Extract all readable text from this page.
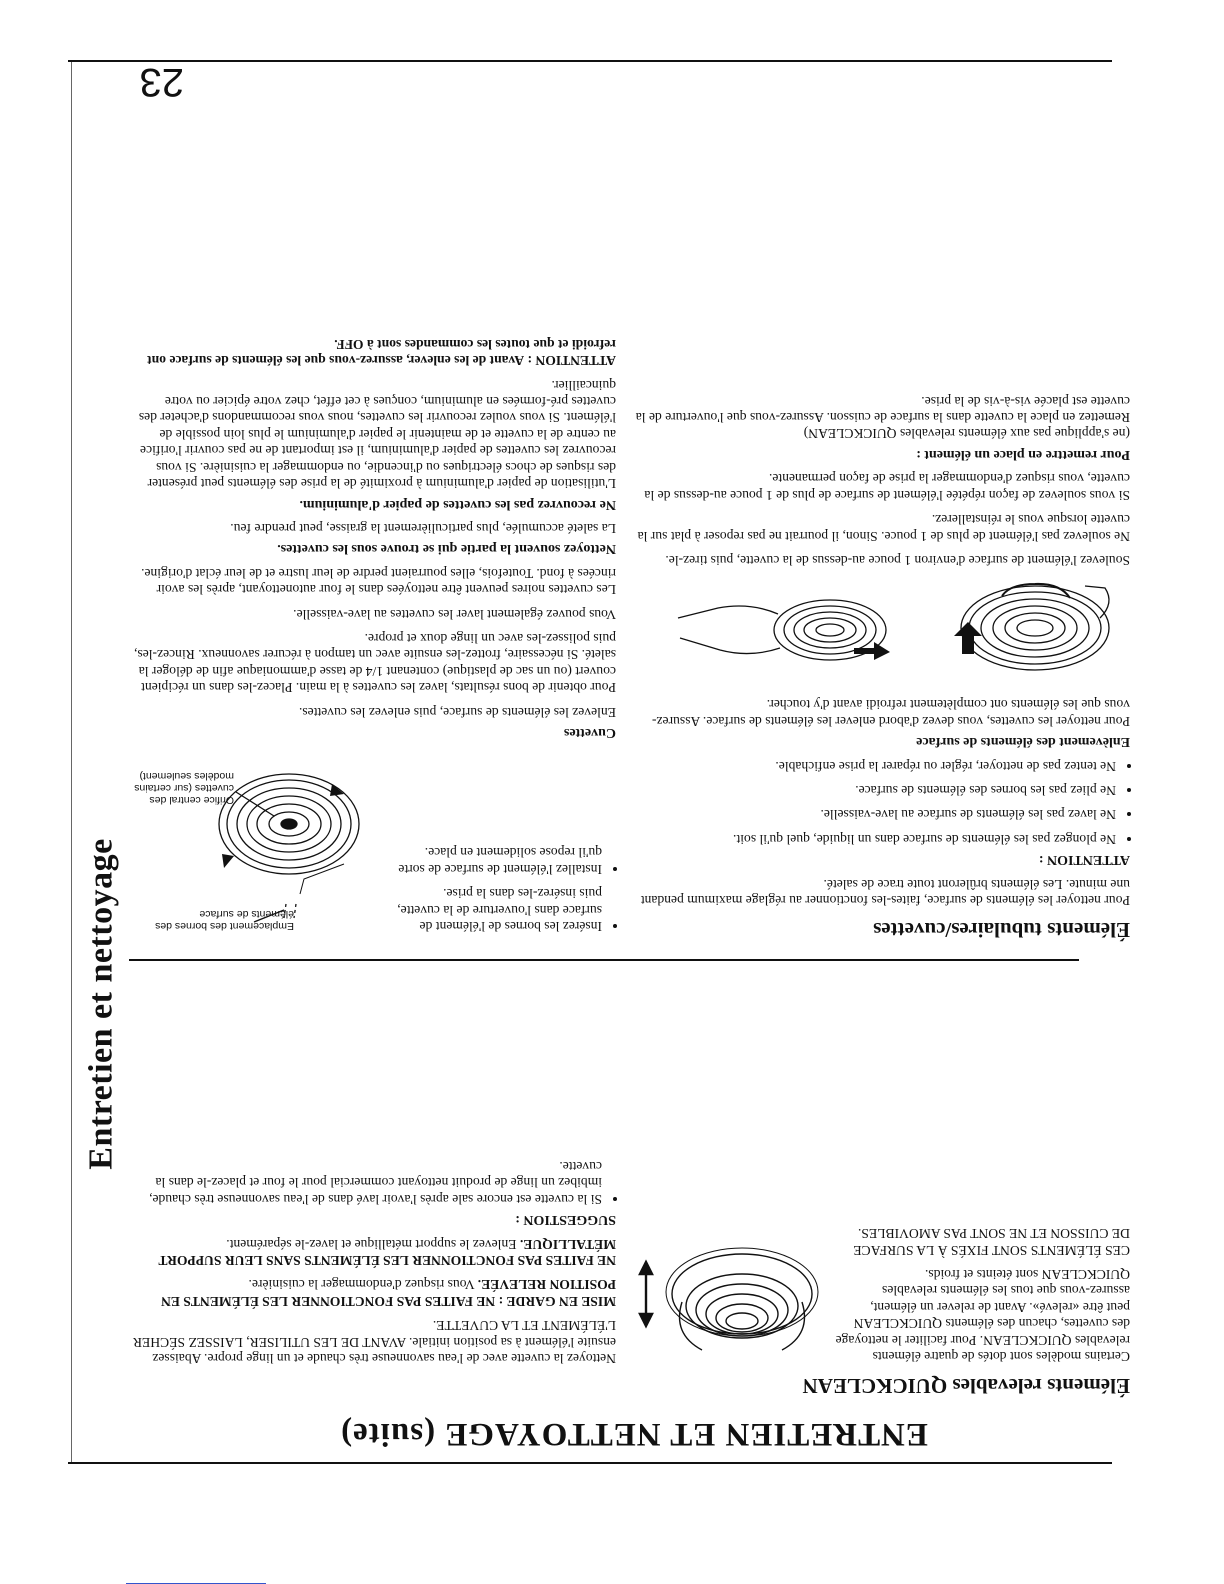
Entretien et nettoyage
23
ENTRETIEN ET NETTOYAGE (suite)
Éléments relevables QUICKCLEAN

Certains modèles sont dotés de quatre éléments relevables QUICKCLEAN. Pour faciliter le nettoyage des cuvettes, chacun des éléments QUICKCLEAN peut être «relevé». Avant de relever un élément, assurez-vous que tous les éléments relevables QUICKCLEAN sont éteints et froids.

CES ÉLÉMENTS SONT FIXÉS À LA SURFACE DE CUISSON ET NE SONT PAS AMOVIBLES.

Nettoyez la cuvette avec de l'eau savonneuse très chaude et un linge propre. Abaissez ensuite l'élément à sa position initiale. AVANT DE LES UTILISER, LAISSEZ SÉCHER L'ÉLÉMENT ET LA CUVETTE.

MISE EN GARDE : NE FAITES PAS FONCTIONNER LES ÉLÉMENTS EN POSITION RELEVÉE. Vous risquez d'endommager la cuisinière.

NE FAITES PAS FONCTIONNER LES ÉLÉMENTS SANS LEUR SUPPORT MÉTALLIQUE. Enlevez le support métallique et lavez-le séparément.

SUGGESTION :
• Si la cuvette est encore sale après l'avoir lavé dans de l'eau savonneuse très chaude, imbibez un linge de produit nettoyant commercial pour le four et placez-le dans la cuvette.
Éléments tubulaires/cuvettes

Pour nettoyer les éléments de surface, faites-les fonctionner au réglage maximum pendant une minute. Les éléments brûleront toute trace de saleté.

ATTENTION :
• Ne plongez pas les éléments de surface dans un liquide, quel qu'il soit.
• Ne lavez pas les éléments de surface au lave-vaisselle.
• Ne pliez pas les bornes des éléments de surface.
• Ne tentez pas de nettoyer, régler ou réparer la prise enfichable.
Enlèvement des éléments de surface

Pour nettoyer les cuvettes, vous devez d'abord enlever les éléments de surface. Assurez-vous que les éléments ont complètement refroidi avant d'y toucher.

Soulevez l'élément de surface d'environ 1 pouce au-dessus de la cuvette, puis tirez-le.

Ne soulevez pas l'élément de plus de 1 pouce. Sinon, il pourrait ne pas reposer à plat sur la cuvette lorsque vous le réinstallerez.

Si vous soulevez de façon répétée l'élément de surface de plus de 1 pouce au-dessus de la cuvette, vous risquez d'endommager la prise de façon permanente.

Pour remettre en place un élément :

(ne s'applique pas aux éléments relevables QUICKCLEAN)

Remettez en place la cuvette dans la surface de cuisson. Assurez-vous que l'ouverture de la cuvette est placée vis-à-vis de la prise.

• Insérez les bornes de l'élément de surface dans l'ouverture de la cuvette, puis insérez-les dans la prise.
• Installez l'élément de surface de sorte qu'il repose solidement en place.
Emplacement des bornes des éléments de surface
Orifice central des cuvettes (sur certains modèles seulement)
Cuvettes

Enlevez les éléments de surface, puis enlevez les cuvettes.

Pour obtenir de bons résultats, lavez les cuvettes à la main. Placez-les dans un récipient couvert (ou un sac de plastique) contenant 1/4 de tasse d'ammoniaque afin de déloger la saleté. Si nécessaire, frottez-les ensuite avec un tampon à récurer savonneux. Rincez-les, puis polissez-les avec un linge doux et propre.

Vous pouvez également laver les cuvettes au lave-vaisselle.

Les cuvettes noires peuvent être nettoyées dans le four autonettoyant, après les avoir rincées à fond. Toutefois, elles pourraient perdre de leur lustre et de leur éclat d'origine.

Nettoyez souvent la partie qui se trouve sous les cuvettes.

La saleté accumulée, plus particulièrement la graisse, peut prendre feu.

Ne recouvrez pas les cuvettes de papier d'aluminium.

L'utilisation de papier d'aluminium à proximité de la prise des éléments peut présenter des risques de chocs électriques ou d'incendie, ou endommager la cuisinière. Si vous recouvrez les cuvettes de papier d'aluminium, il est important de ne pas couvrir l'orifice au centre de la cuvette et de maintenir le papier d'aluminium le plus loin possible de l'élément. Si vous voulez recouvrir les cuvettes, nous vous recommandons d'acheter des cuvettes pré-formées en aluminium, conçues à cet effet, chez votre épicier ou votre quincaillier.

ATTENTION : Avant de les enlever, assurez-vous que les éléments de surface ont refroidi et que toutes les commandes sont à OFF.
